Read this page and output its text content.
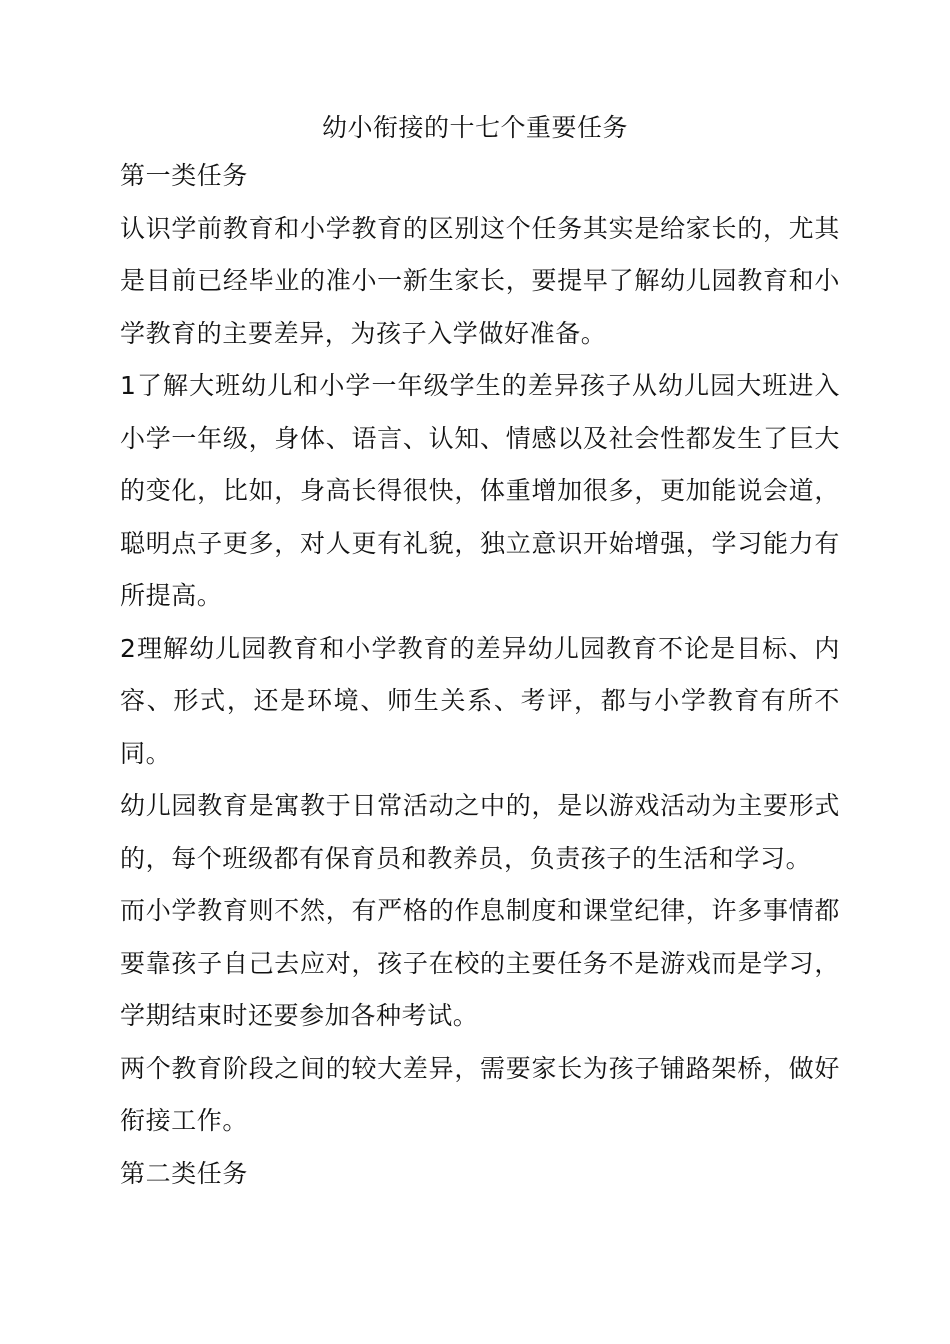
幼小衔接的十七个重要任务

第一类任务

认识学前教育和小学教育的区别这个任务其实是给家长的，尤其是目前已经毕业的准小一新生家长，要提早了解幼儿园教育和小学教育的主要差异，为孩子入学做好准备。

1了解大班幼儿和小学一年级学生的差异孩子从幼儿园大班进入小学一年级，身体、语言、认知、情感以及社会性都发生了巨大的变化，比如，身高长得很快，体重增加很多，更加能说会道，聪明点子更多，对人更有礼貌，独立意识开始增强，学习能力有所提高。

2理解幼儿园教育和小学教育的差异幼儿园教育不论是目标、内容、形式，还是环境、师生关系、考评，都与小学教育有所不同。

幼儿园教育是寓教于日常活动之中的，是以游戏活动为主要形式的，每个班级都有保育员和教养员，负责孩子的生活和学习。

而小学教育则不然，有严格的作息制度和课堂纪律，许多事情都要靠孩子自己去应对，孩子在校的主要任务不是游戏而是学习，学期结束时还要参加各种考试。

两个教育阶段之间的较大差异，需要家长为孩子铺路架桥，做好衔接工作。

第二类任务
